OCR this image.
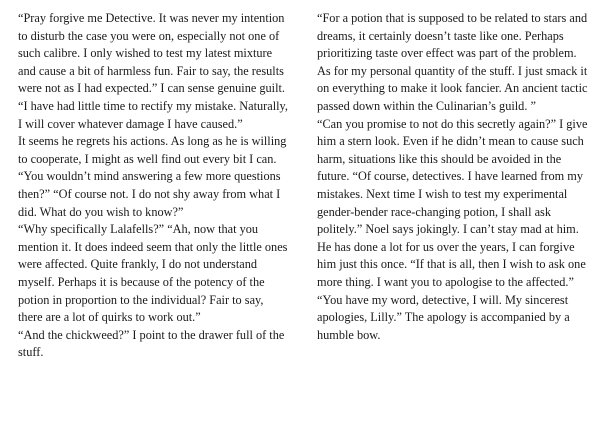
“Pray forgive me Detective. It was never my intention to disturb the case you were on, especially not one of such calibre. I only wished to test my latest mixture and cause a bit of harmless fun. Fair to say, the results were not as I had expected.” I can sense genuine guilt. “I have had little time to rectify my mistake. Naturally, I will cover whatever damage I have caused.”

It seems he regrets his actions. As long as he is willing to cooperate, I might as well find out every bit I can. “You wouldn’t mind answering a few more questions then?” “Of course not. I do not shy away from what I did. What do you wish to know?”

“Why specifically Lalafells?” “Ah, now that you mention it. It does indeed seem that only the little ones were affected. Quite frankly, I do not understand myself. Perhaps it is because of the potency of the potion in proportion to the individual? Fair to say, there are a lot of quirks to work out.”

“And the chickweed?” I point to the drawer full of the stuff.

“For a potion that is supposed to be related to stars and dreams, it certainly doesn’t taste like one. Perhaps prioritizing taste over effect was part of the problem. As for my personal quantity of the stuff. I just smack it on everything to make it look fancier. An ancient tactic passed down within the Culinarian’s guild. ”

“Can you promise to not do this secretly again?” I give him a stern look. Even if he didn’t mean to cause such harm, situations like this should be avoided in the future. “Of course, detectives. I have learned from my mistakes. Next time I wish to test my experimental gender-bender race-changing potion, I shall ask politely.” Noel says jokingly. I can’t stay mad at him. He has done a lot for us over the years, I can forgive him just this once. “If that is all, then I wish to ask one more thing. I want you to apologise to the affected.”

“You have my word, detective, I will. My sincerest apologies, Lilly.” The apology is accompanied by a humble bow.
